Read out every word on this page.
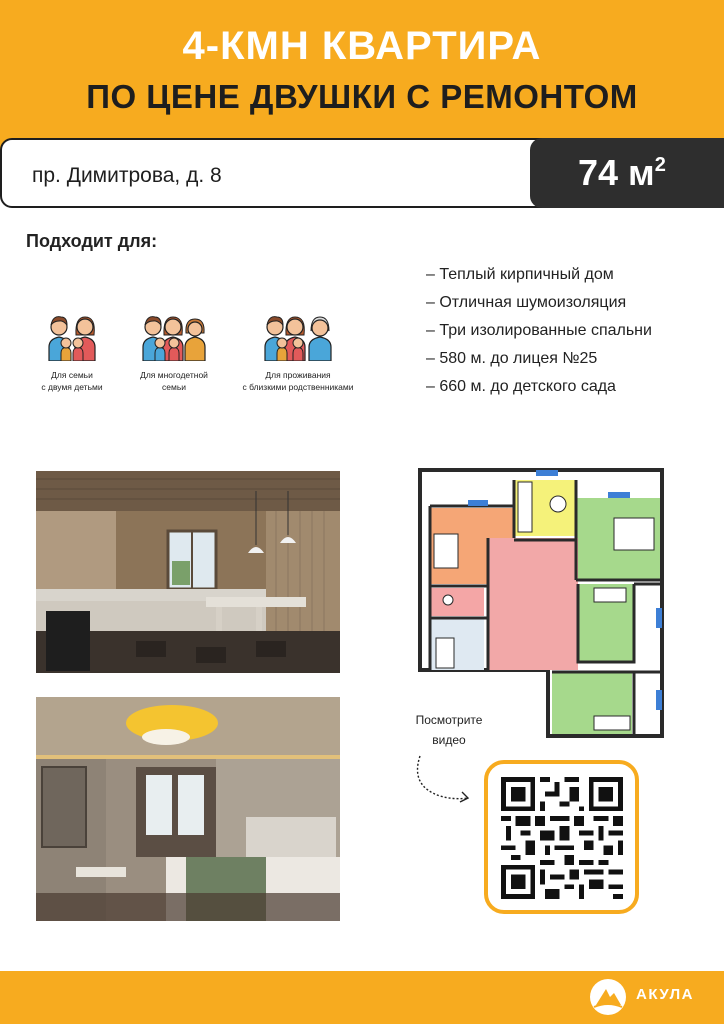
4-КМН КВАРТИРА
ПО ЦЕНЕ ДВУШКИ С РЕМОНТОМ
пр. Димитрова, д. 8	74 $м^2$
Подходит для:
Для семьи
с двумя детьми
Для многодетной
семьи
Для проживания
с близкими родственниками
– Теплый кирпичный дом
– Отличная шумоизоляция
– Три изолированные спальни
– 580 м. до лицея №25
– 660 м. до детского сада
Посмотрите
видео
АКУЛА
